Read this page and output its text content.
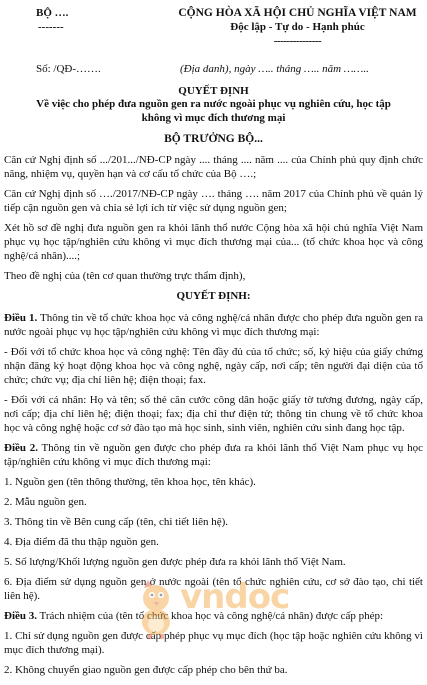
BỘ ….
-------
CỘNG HÒA XÃ HỘI CHỦ NGHĨA VIỆT NAM
Độc lập - Tự do - Hạnh phúc
---------------
Số: /QĐ-…….	(Địa danh), ngày ….. tháng ….. năm ……..
QUYẾT ĐỊNH
Về việc cho phép đưa nguồn gen ra nước ngoài phục vụ nghiên cứu, học tập
không vì mục đích thương mại
BỘ TRƯỞNG BỘ...

Căn cứ Nghị định số .../201.../NĐ-CP ngày .... tháng .... năm .... của Chính phủ quy định chức năng, nhiệm vụ, quyền hạn và cơ cấu tổ chức của Bộ ….;

Căn cứ Nghị định số …./2017/NĐ-CP ngày …. tháng …. năm 2017 của Chính phủ về quản lý tiếp cận nguồn gen và chia sẻ lợi ích từ việc sử dụng nguồn gen;

Xét hồ sơ đề nghị đưa nguồn gen ra khỏi lãnh thổ nước Cộng hòa xã hội chủ nghĩa Việt Nam phục vụ học tập/nghiên cứu không vì mục đích thương mại của... (tổ chức khoa học và công nghệ/cá nhân)....;

Theo đề nghị của (tên cơ quan thường trực thẩm định),

QUYẾT ĐỊNH:

Điều 1. Thông tin về tổ chức khoa học và công nghệ/cá nhân được cho phép đưa nguồn gen ra nước ngoài phục vụ học tập/nghiên cứu không vì mục đích thương mại:

- Đối với tổ chức khoa học và công nghệ: Tên đầy đủ của tổ chức; số, ký hiệu của giấy chứng nhận đăng ký hoạt động khoa học và công nghệ, ngày cấp, nơi cấp; tên người đại diện của tổ chức; chức vụ; địa chỉ liên hệ; điện thoại; fax.

- Đối với cá nhân: Họ và tên; số thẻ căn cước công dân hoặc giấy tờ tương đương, ngày cấp, nơi cấp; địa chỉ liên hệ; điện thoại; fax; địa chỉ thư điện tử; thông tin chung về tổ chức khoa học và công nghệ hoặc cơ sở đào tạo mà học sinh, sinh viên, nghiên cứu sinh đang học tập.

Điều 2. Thông tin về nguồn gen được cho phép đưa ra khỏi lãnh thổ Việt Nam phục vụ học tập/nghiên cứu không vì mục đích thương mại:

1. Nguồn gen (tên thông thường, tên khoa học, tên khác).

2. Mẫu nguồn gen.

3. Thông tin về Bên cung cấp (tên, chi tiết liên hệ).

4. Địa điểm đã thu thập nguồn gen.

5. Số lượng/Khối lượng nguồn gen được phép đưa ra khỏi lãnh thổ Việt Nam.

6. Địa điểm sử dụng nguồn gen ở nước ngoài (tên tổ chức nghiên cứu, cơ sở đào tạo, chi tiết liên hệ).

Điều 3. Trách nhiệm của (tên tổ chức khoa học và công nghệ/cá nhân) được cấp phép:

1. Chỉ sử dụng nguồn gen được cấp phép phục vụ mục đích (học tập hoặc nghiên cứu không vì mục đích thương mại).

2. Không chuyển giao nguồn gen được cấp phép cho bên thứ ba.

vndoc
